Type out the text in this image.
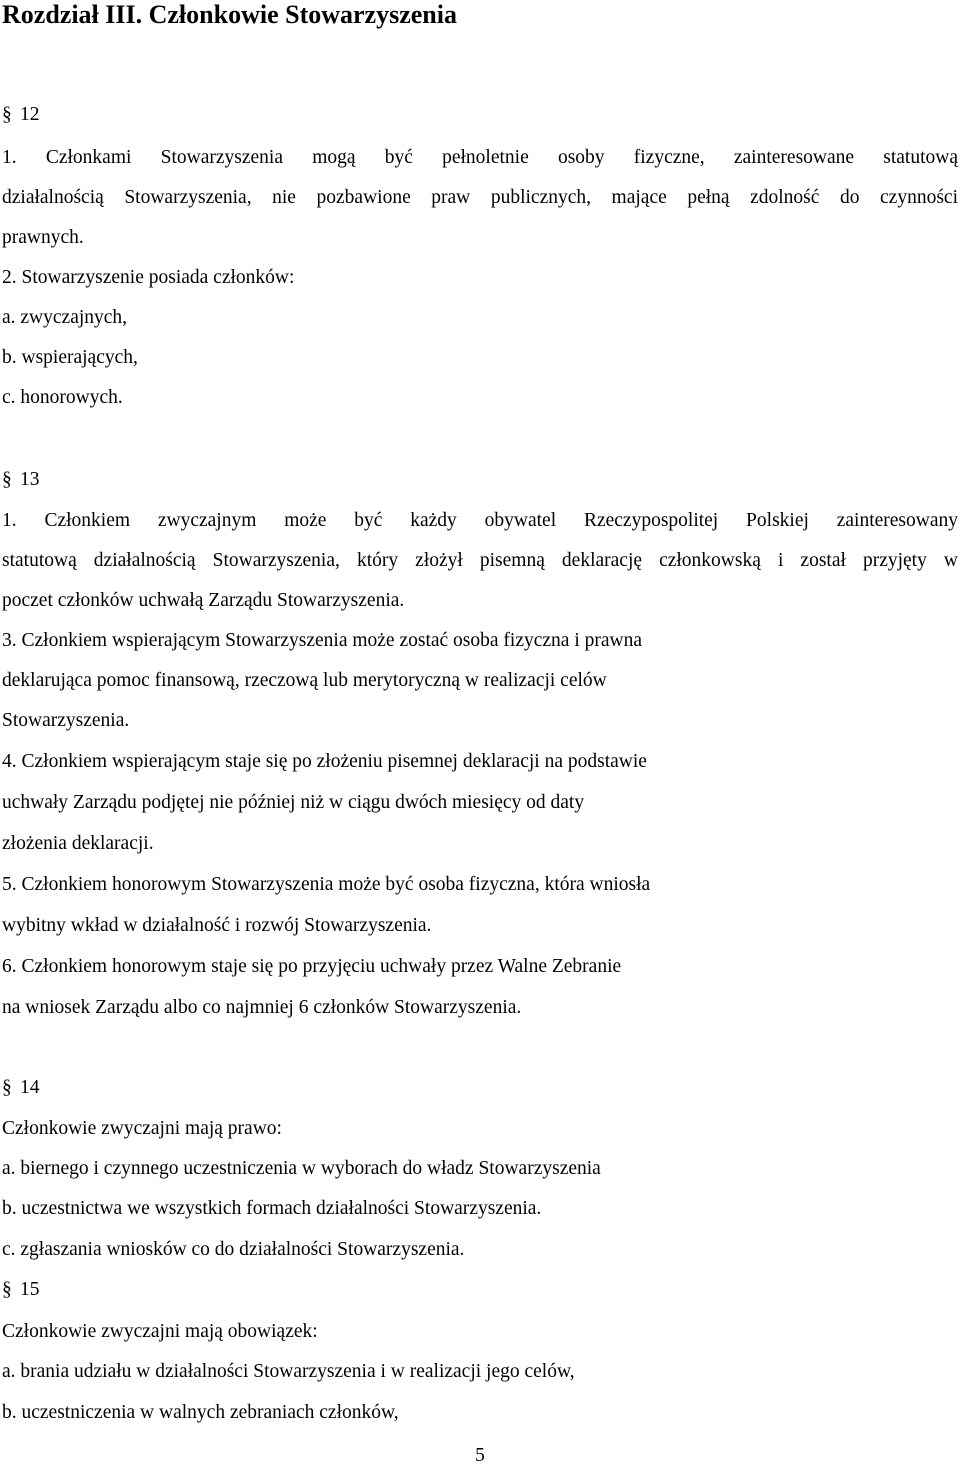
Rozdział III. Członkowie Stowarzyszenia
§ 12
1. Członkami Stowarzyszenia mogą być pełnoletnie osoby fizyczne, zainteresowane statutową
działalnością Stowarzyszenia, nie pozbawione praw publicznych, mające pełną zdolność do czynności
prawnych.
2. Stowarzyszenie posiada członków:
a. zwyczajnych,
b. wspierających,
c. honorowych.
§ 13
1. Członkiem zwyczajnym może być każdy obywatel Rzeczypospolitej Polskiej zainteresowany
statutową działalnością Stowarzyszenia, który złożył pisemną deklarację członkowską i został przyjęty w
poczet członków uchwałą Zarządu Stowarzyszenia.
3. Członkiem wspierającym Stowarzyszenia może zostać osoba fizyczna i prawna
deklarująca pomoc finansową, rzeczową lub merytoryczną w realizacji celów
Stowarzyszenia.
4. Członkiem wspierającym staje się po złożeniu pisemnej deklaracji na podstawie
uchwały Zarządu podjętej nie później niż w ciągu dwóch miesięcy od daty
złożenia deklaracji.
5. Członkiem honorowym Stowarzyszenia może być osoba fizyczna, która wniosła
wybitny wkład w działalność i rozwój Stowarzyszenia.
6. Członkiem honorowym staje się po przyjęciu uchwały przez Walne Zebranie
na wniosek Zarządu albo co najmniej 6 członków Stowarzyszenia.
§ 14
Członkowie zwyczajni mają prawo:
a. biernego i czynnego uczestniczenia w wyborach do władz Stowarzyszenia
b. uczestnictwa we wszystkich formach działalności Stowarzyszenia.
c. zgłaszania wniosków co do działalności Stowarzyszenia.
§ 15
Członkowie zwyczajni mają obowiązek:
a. brania udziału w działalności Stowarzyszenia i w realizacji jego celów,
b. uczestniczenia w walnych zebraniach członków,
5
